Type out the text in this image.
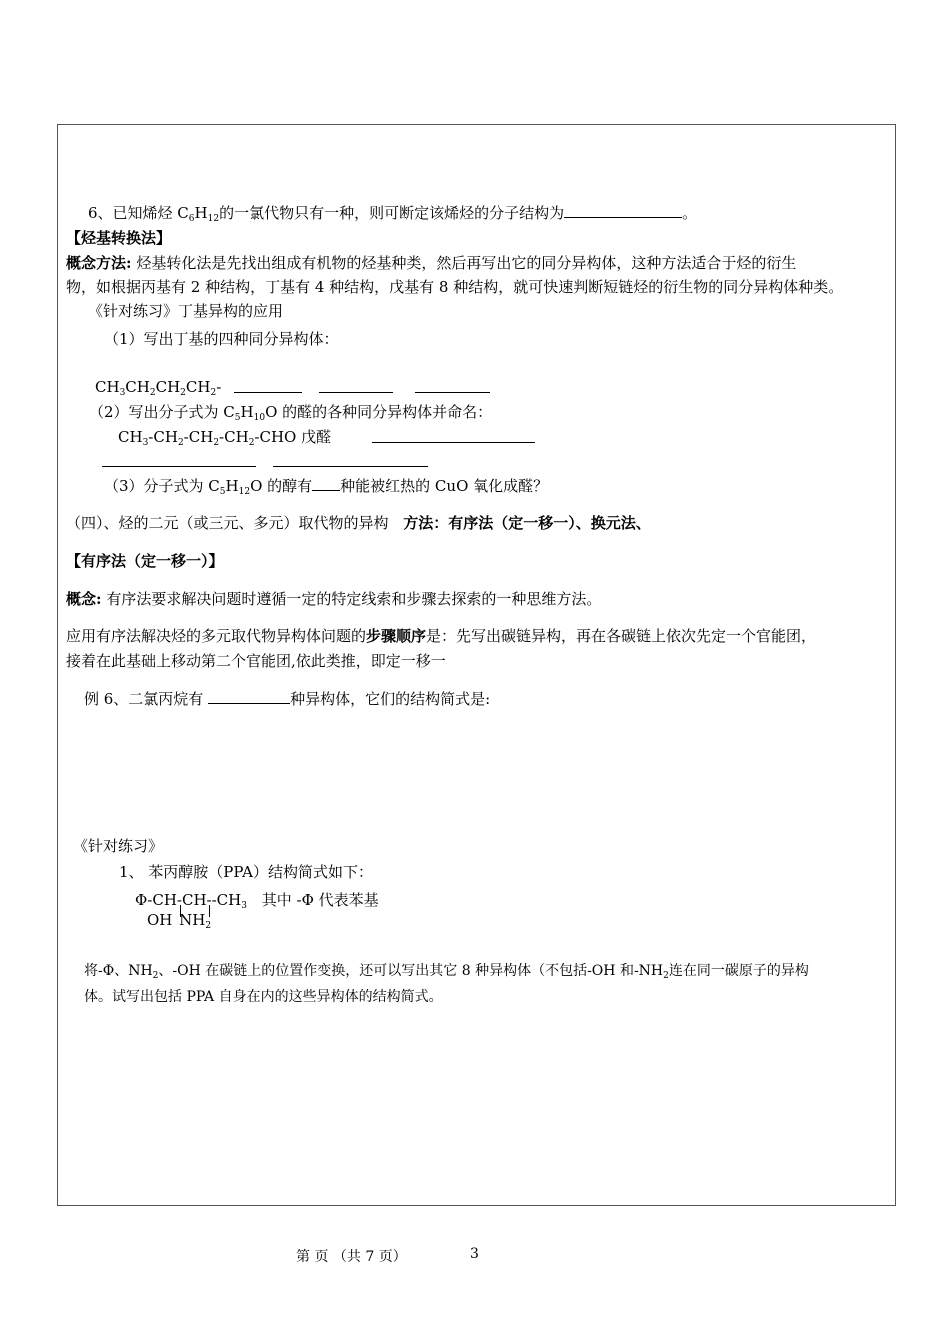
6、已知烯烃 $C_6H_{12}$的一氯代物只有一种，则可断定该烯烃的分子结构为	。
【烃基转换法】
概念方法: 烃基转化法是先找出组成有机物的烃基种类，然后再写出它的同分异构体，这种方法适合于烃的衍生
物，如根据丙基有 2 种结构，丁基有 4 种结构，戊基有 8 种结构，就可快速判断短链烃的衍生物的同分异构体种类。
《针对练习》丁基异构的应用
（1）写出丁基的四种同分异构体：
$CH_3CH_2CH_2CH_2-$
（2）写出分子式为 $C_5H_{10}O$ 的醛的各种同分异构体并命名：
$CH_3-CH_2-CH_2-CH_2$-CHO 戊醛
（3）分子式为 $C_5H_{12}O$ 的醇有 种能被红热的 CuO 氧化成醛？
（四）、烃的二元（或三元、多元）取代物的异构 方法：有序法（定一移一）、换元法、
【有序法（定一移一）】
概念: 有序法要求解决问题时遵循一定的特定线索和步骤去探索的一种思维方法。
应用有序法解决烃的多元取代物异构体问题的步骤顺序是：先写出碳链异构，再在各碳链上依次先定一个官能团，
接着在此基础上移动第二个官能团,依此类推，即定一移一
例 6、二氯丙烷有	种异构体，它们的结构简式是:
《针对练习》
1、 苯丙醇胺（PPA）结构简式如下：
$\Phi-CH-CH--CH_3$ 其中 -Φ 代表苯基
OH $NH_2$
将-Φ、$NH_2$、-OH 在碳链上的位置作变换，还可以写出其它 8 种异构体（不包括-OH 和$-NH_2$连在同一碳原子的异构
体。试写出包括 PPA 自身在内的这些异构体的结构简式。
第 页 （共 7 页）	3
